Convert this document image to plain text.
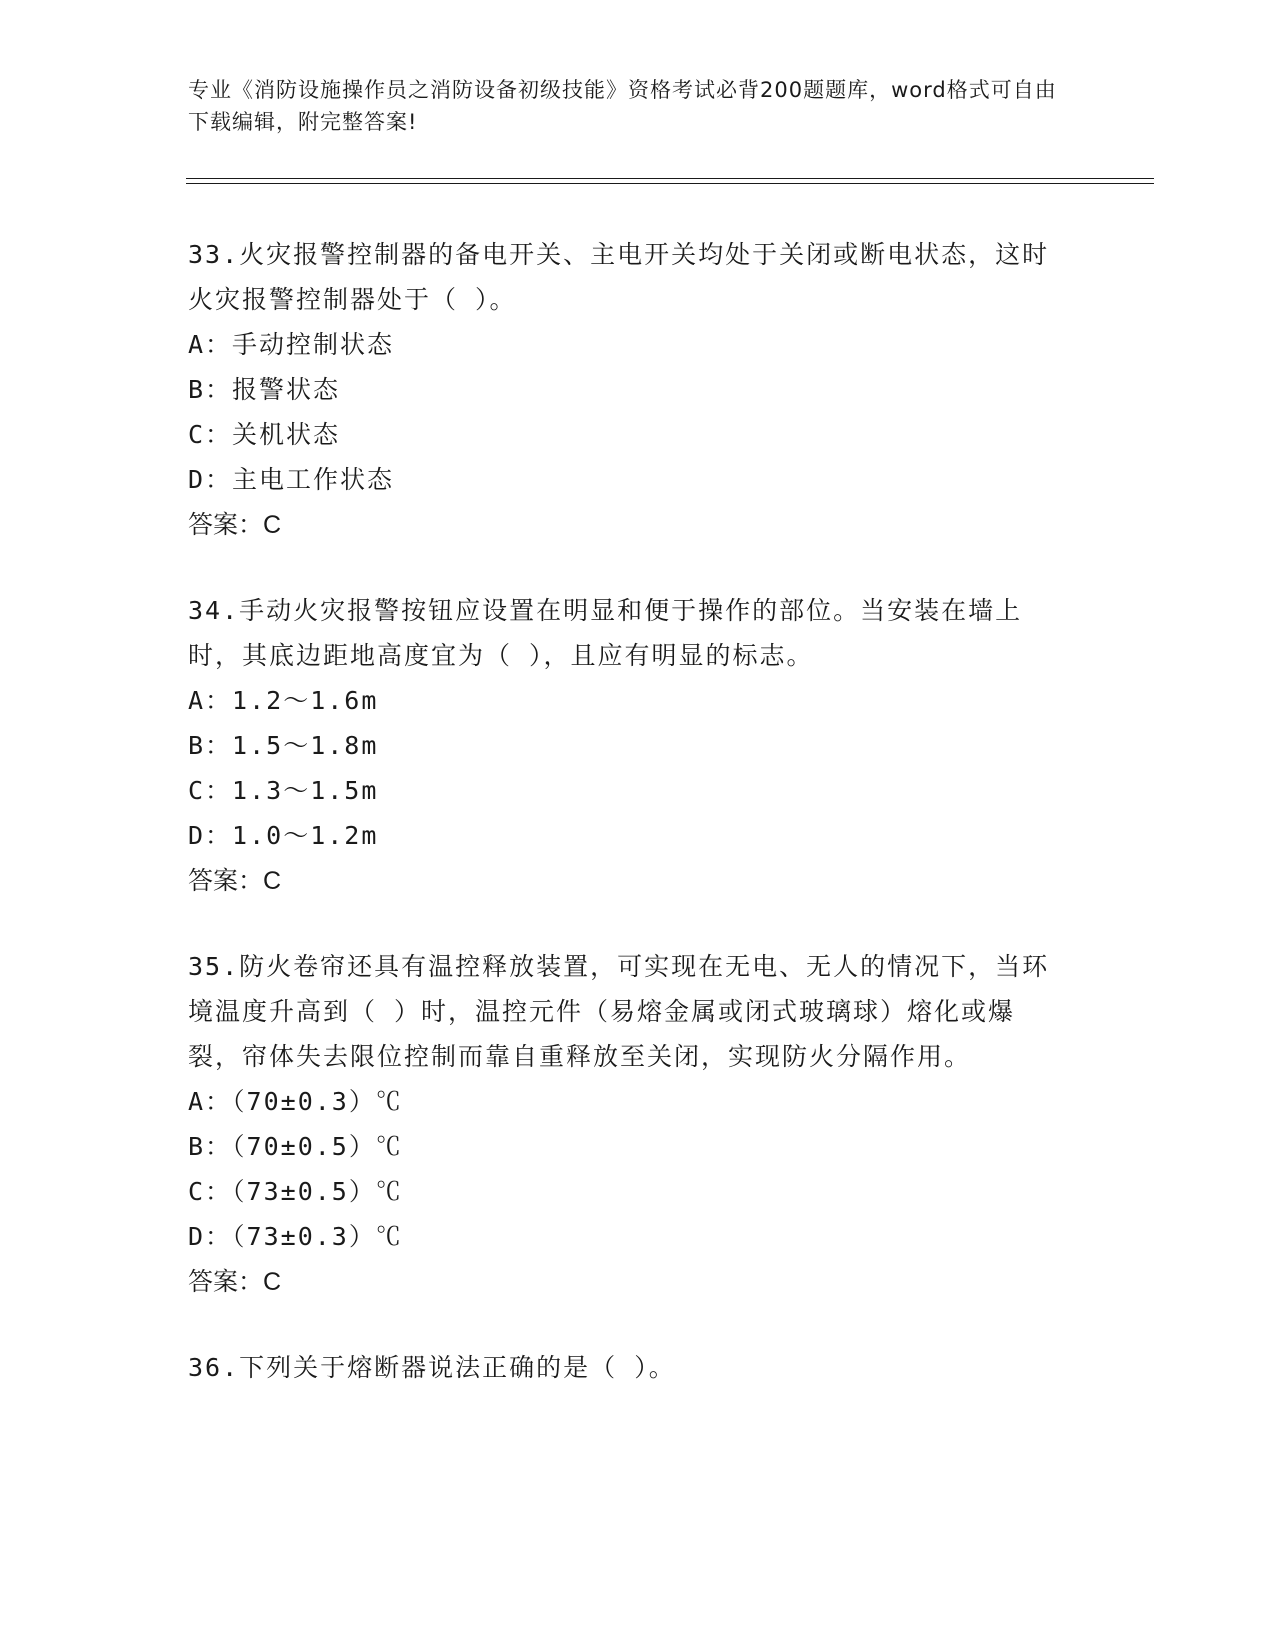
专业《消防设施操作员之消防设备初级技能》资格考试必背200题题库，word格式可自由下载编辑，附完整答案!

33.火灾报警控制器的备电开关、主电开关均处于关闭或断电状态，这时火灾报警控制器处于（ ）。

A：手动控制状态

B：报警状态

C：关机状态

D：主电工作状态

答案：C

34.手动火灾报警按钮应设置在明显和便于操作的部位。当安装在墙上时，其底边距地高度宜为（ ），且应有明显的标志。

A：1.2～1.6m

B：1.5～1.8m

C：1.3～1.5m

D：1.0～1.2m

答案：C

35.防火卷帘还具有温控释放装置，可实现在无电、无人的情况下，当环境温度升高到（ ）时，温控元件（易熔金属或闭式玻璃球）熔化或爆裂，帘体失去限位控制而靠自重释放至关闭，实现防火分隔作用。

A：（70±0.3）℃

B：（70±0.5）℃

C：（73±0.5）℃

D：（73±0.3）℃

答案：C

36.下列关于熔断器说法正确的是（ ）。
